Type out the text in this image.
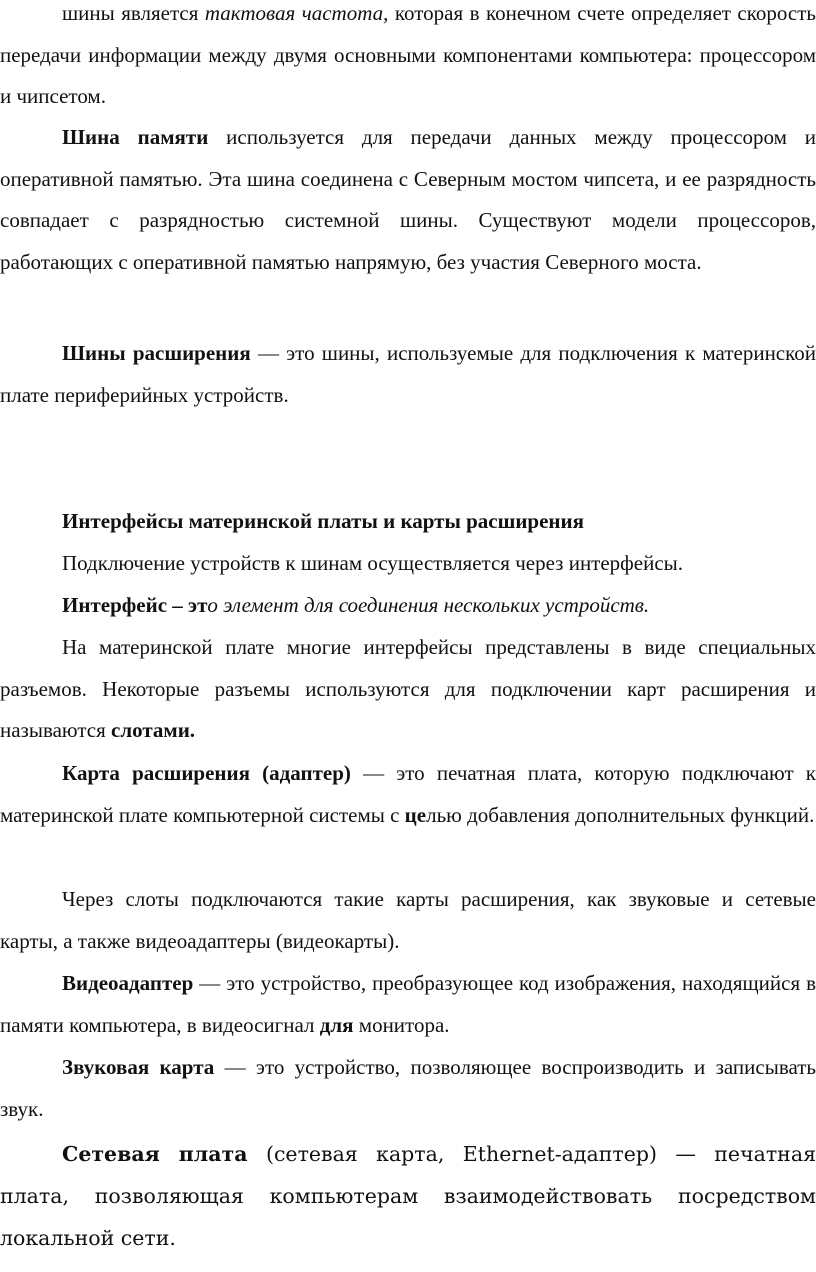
шины является тактовая частота, которая в конечном счете определяет скорость передачи информации между двумя основными компонентами компьютера: процессором и чипсетом.

Шина памяти используется для передачи данных между процессором и оперативной памятью. Эта шина соединена с Северным мостом чипсета, и ее разрядность совпадает с разрядностью системной шины. Существуют модели процессоров, работающих с оперативной памятью напрямую, без участия Северного моста.

Шины расширения — это шины, используемые для подключения к материнской плате периферийных устройств.

Интерфейсы материнской платы и карты расширения

Подключение устройств к шинам осуществляется через интерфейсы.

Интерфейс – это элемент для соединения нескольких устройств.

На материнской плате многие интерфейсы представлены в виде специальных разъемов. Некоторые разъемы используются для подключении карт расширения и называются слотами.

Карта расширения (адаптер) — это печатная плата, которую подключают к материнской плате компьютерной системы с целью добавления дополнительных функций.

Через слоты подключаются такие карты расширения, как звуковые и сетевые карты, а также видеоадаптеры (видеокарты).

Видеоадаптер — это устройство, преобразующее код изображения, находящийся в памяти компьютера, в видеосигнал для монитора.

Звуковая карта — это устройство, позволяющее воспроизводить и записывать звук.

Сетевая плата (сетевая карта, Ethernet-адаптер) — печатная плата, позволяющая компьютерам взаимодействовать посредством локальной сети.
